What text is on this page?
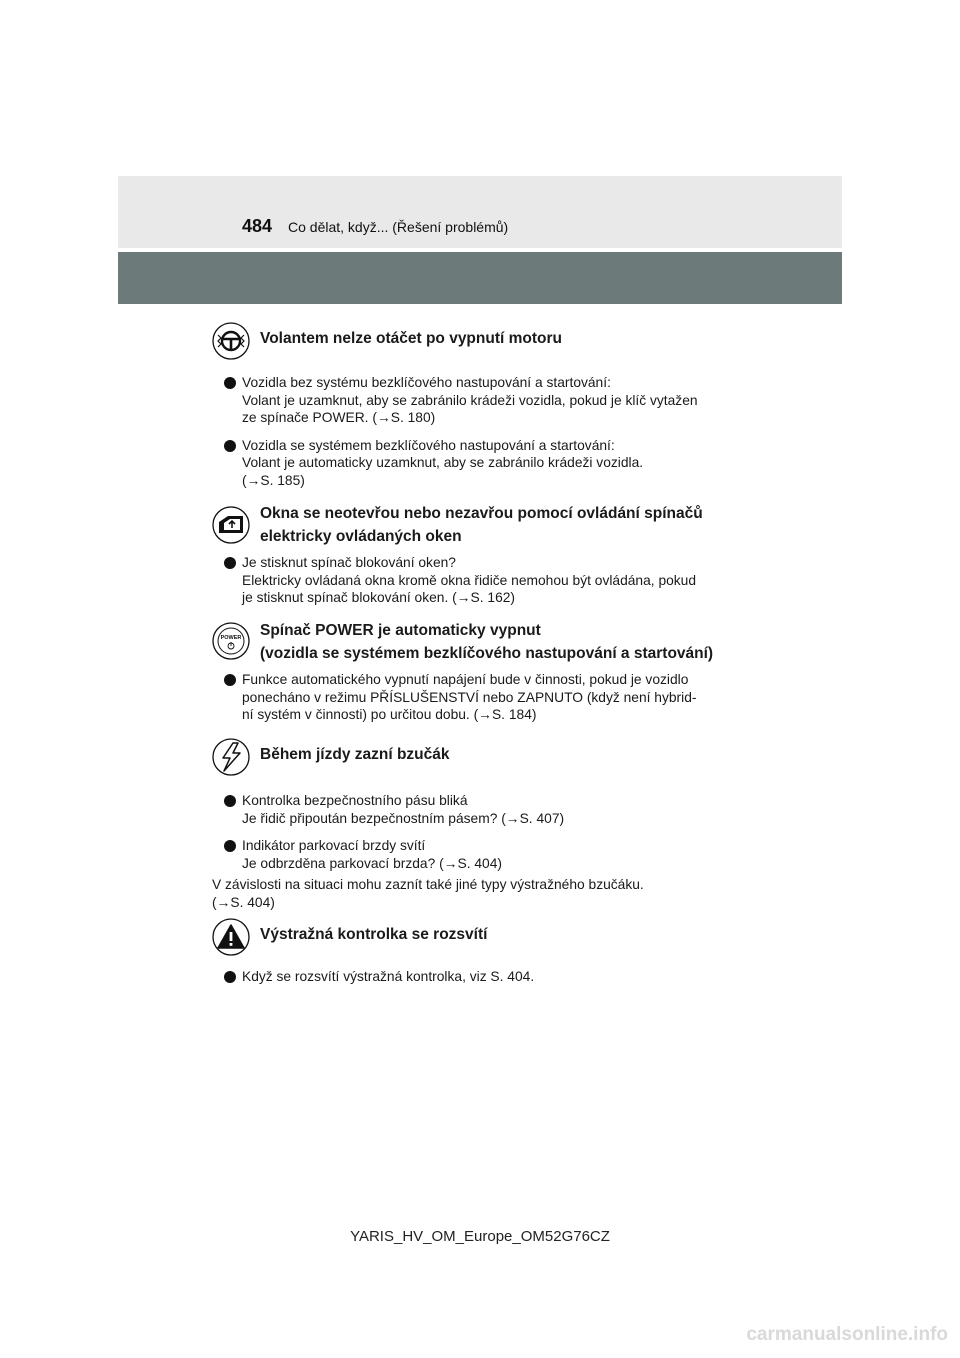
484 Co dělat, když... (Řešení problémů)
Volantem nelze otáčet po vypnutí motoru
Vozidla bez systému bezklíčového nastupování a startování:
Volant je uzamknut, aby se zabránilo krádeži vozidla, pokud je klíč vytažen
ze spínače POWER. (→S. 180)
Vozidla se systémem bezklíčového nastupování a startování:
Volant je automaticky uzamknut, aby se zabránilo krádeži vozidla.
(→S. 185)
Okna se neotevřou nebo nezavřou pomocí ovládání spínačů
elektricky ovládaných oken
Je stisknut spínač blokování oken?
Elektricky ovládaná okna kromě okna řidiče nemohou být ovládána, pokud
je stisknut spínač blokování oken. (→S. 162)
POWER Spínač POWER je automaticky vypnut
(vozidla se systémem bezklíčového nastupování a startování)
Funkce automatického vypnutí napájení bude v činnosti, pokud je vozidlo
ponecháno v režimu PŘÍSLUŠENSTVÍ nebo ZAPNUTO (když není hybrid-
ní systém v činnosti) po určitou dobu. (→S. 184)
Během jízdy zazní bzučák
Kontrolka bezpečnostního pásu bliká
Je řidič připoután bezpečnostním pásem? (→S. 407)
Indikátor parkovací brzdy svítí
Je odbrzděna parkovací brzda? (→S. 404)
V závislosti na situaci mohu zaznít také jiné typy výstražného bzučáku.
(→S. 404)
Výstražná kontrolka se rozsvítí
Když se rozsvítí výstražná kontrolka, viz S. 404.
YARIS_HV_OM_Europe_OM52G76CZ
carmanualsonline.info
